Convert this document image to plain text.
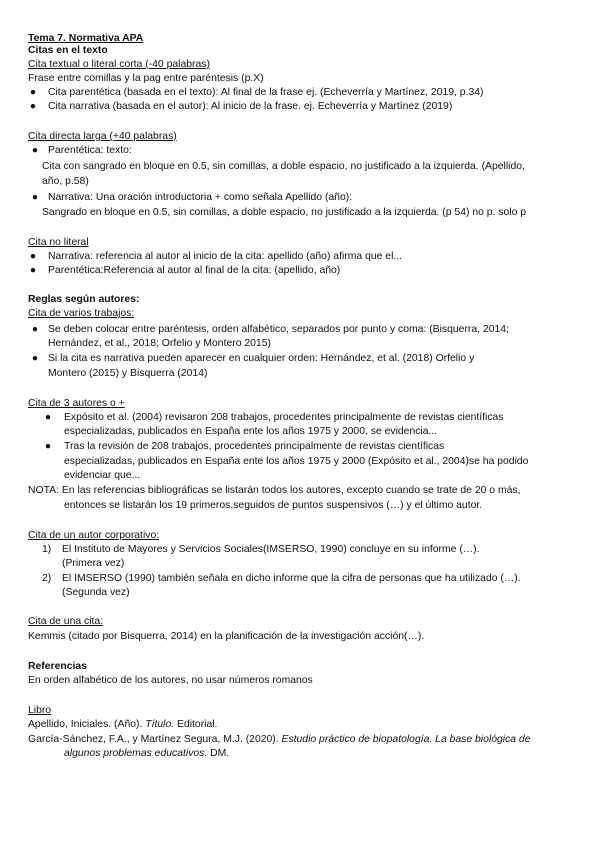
Tema 7. Normativa APA
Citas en el texto
Cita textual o literal corta (-40 palabras)
Frase entre comillas y la pag entre paréntesis (p.X)
● Cita parentética (basada en el texto): Al final de la frase ej. (Echeverría y Martínez, 2019, p.34)
● Cita narrativa (basada en el autor): Al inicio de la frase. ej. Echeverría y Martínez (2019)
Cita directa larga (+40 palabras)
● Parentética: texto:
Cita con sangrado en bloque en 0.5, sin comillas, a doble espacio, no justificado a la izquierda. (Apellido,
año, p.58)
● Narrativa: Una oración introductoria + como señala Apellido (año):
Sangrado en bloque en 0.5, sin comillas, a doble espacio, no justificado a la izquierda. (p 54) no p. solo p
Cita no literal
● Narrativa: referencia al autor al inicio de la cita: apellido (año) afirma que el...
● Parentética:Referencia al autor al final de la cita: (apellido, año)
Reglas según autores:
Cita de varios trabajos:
● Se deben colocar entre paréntesis, orden alfabético, separados por punto y coma: (Bisquerra, 2014;
Hernández, et al., 2018; Orfelio y Montero 2015)
● Si la cita es narrativa pueden aparecer en cualquier orden: Hernández, et al. (2018) Orfelio y
Montero (2015) y Bisquerra (2014)
Cita de 3 autores o +
● Expósito et al. (2004) revisaron 208 trabajos, procedentes principalmente de revistas científicas
especializadas, publicados en España ente los años 1975 y 2000, se evidencia...
● Tras la revisión de 208 trabajos, procedentes principalmente de revistas científicas
especializadas, publicados en España ente los años 1975 y 2000 (Expósito et al., 2004)se ha podido
evidenciar que...
NOTA: En las referencias bibliográficas se listarán todos los autores, excepto cuando se trate de 20 o más,
entonces se listarán los 19 primeros,seguidos de puntos suspensivos (…) y el último autor.
Cita de un autor corporativo:
1) El Instituto de Mayores y Servicios Sociales(IMSERSO, 1990) concluye en su informe (…).
(Primera vez)
2) El IMSERSO (1990) también señala en dicho informe que la cifra de personas que ha utilizado (…).
(Segunda vez)
Cita de una cita:
Kemmis (citado por Bisquerra, 2014) en la planificación de la investigación acción(…).
Referencias
En orden alfabético de los autores, no usar números romanos
Libro
Apellido, Iniciales. (Año). Título. Editorial.
García-Sánchez, F.A., y Martínez Segura, M.J. (2020). Estudio práctico de biopatología. La base biológica de
algunos problemas educativos. DM.
